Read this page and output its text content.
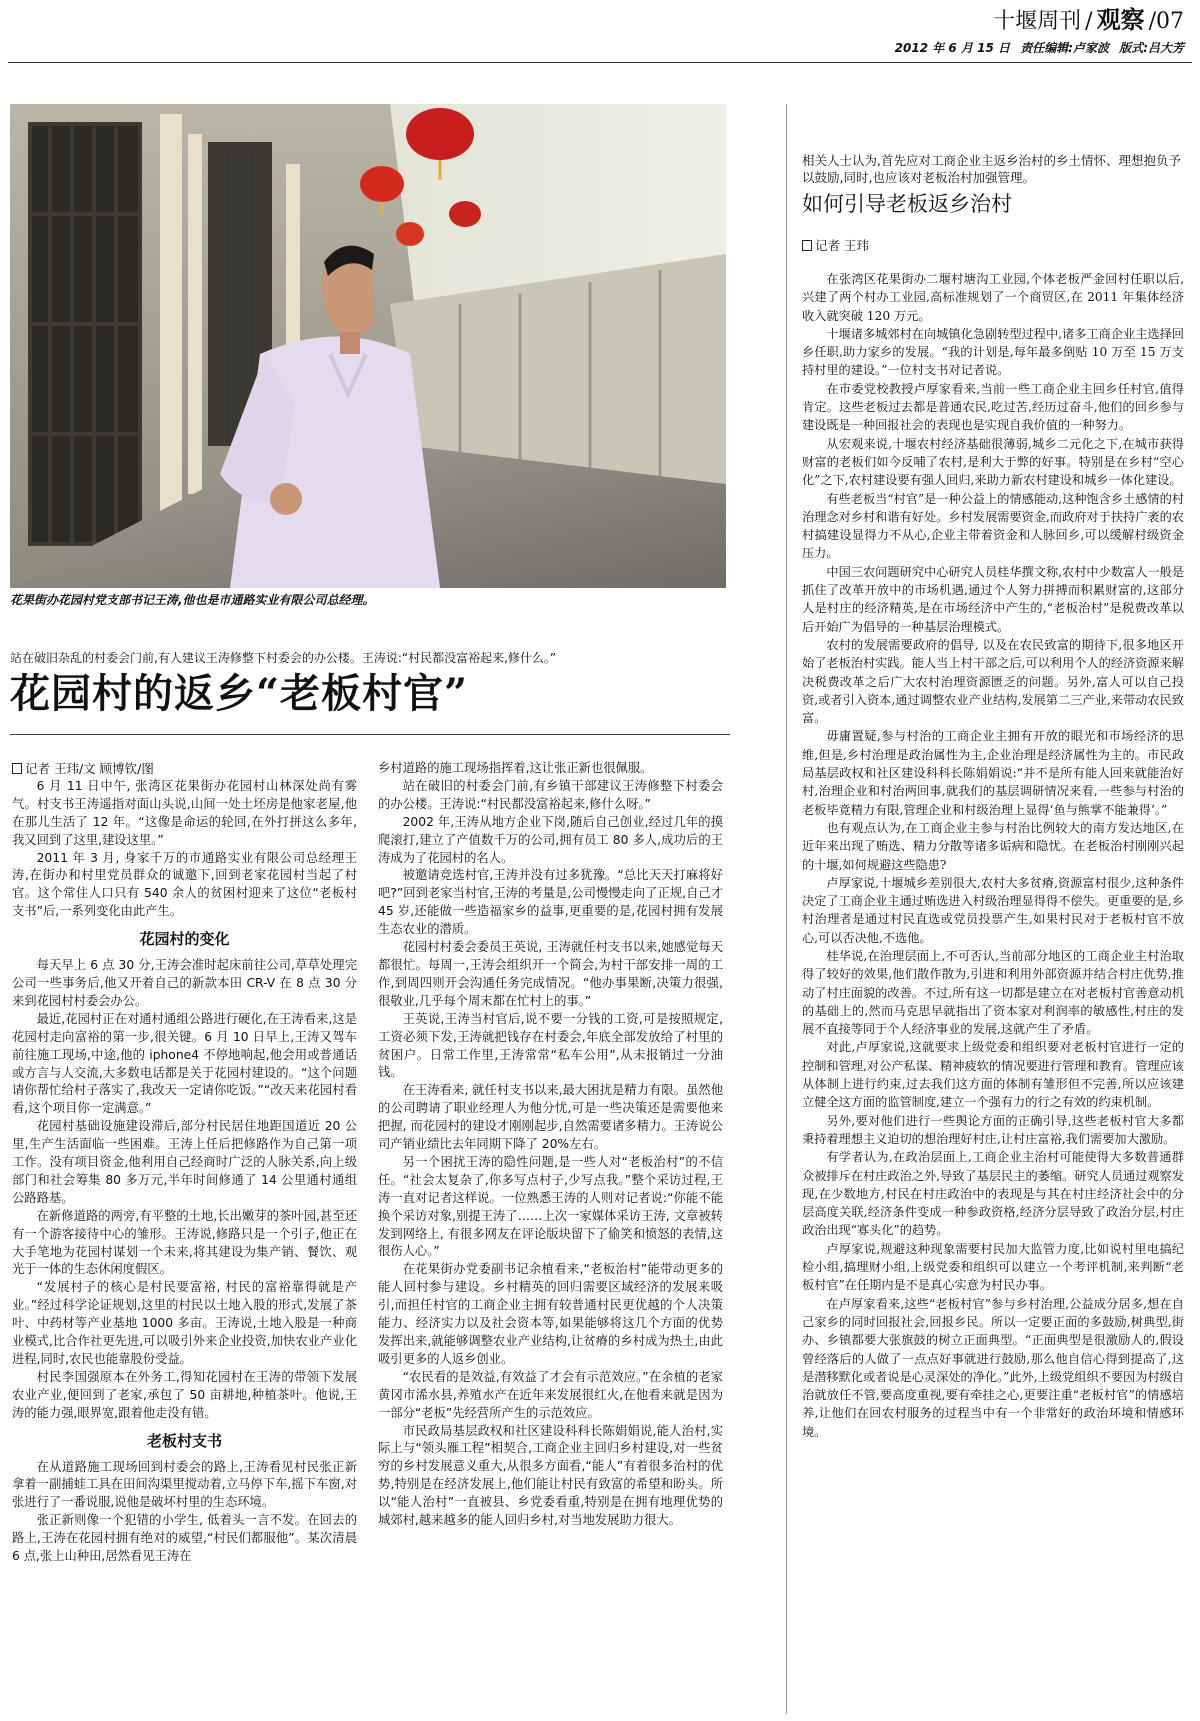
十堰周刊 / 观察 /07
2012 年 6 月 15 日 责任编辑:卢家波 版式:吕大芳
花果街办花园村党支部书记王涛,他也是市通路实业有限公司总经理。
站在破旧杂乱的村委会门前,有人建议王涛修整下村委会的办公楼。王涛说:“村民都没富裕起来,修什么。”
花园村的返乡“老板村官”

记者 王玮/文 顾博钦/图

6 月 11 日中午, 张湾区花果街办花园村山林深处尚有雾气。村支书王涛遥指对面山头说,山间一处土坯房是他家老屋,他在那儿生活了 12 年。“这像是命运的轮回,在外打拼这么多年,我又回到了这里,建设这里。”

2011 年 3 月, 身家千万的市通路实业有限公司总经理王涛,在街办和村里党员群众的诚邀下,回到老家花园村当起了村官。这个常住人口只有 540 余人的贫困村迎来了这位“老板村支书”后,一系列变化由此产生。

花园村的变化

每天早上 6 点 30 分,王涛会准时起床前往公司,草草处理完公司一些事务后,他又开着自己的新款本田 CR-V 在 8 点 30 分来到花园村村委会办公。

最近,花园村正在对通村通组公路进行硬化,在王涛看来,这是花园村走向富裕的第一步,很关键。6 月 10 日早上,王涛又驾车前往施工现场,中途,他的 iphone4 不停地响起,他会用或普通话或方言与人交流,大多数电话都是关于花园村建设的。“这个问题请你帮忙给村子落实了,我改天一定请你吃饭。”“改天来花园村看看,这个项目你一定满意。”

花园村基础设施建设滞后,部分村民居住地距国道近 20 公里,生产生活面临一些困难。王涛上任后把修路作为自己第一项工作。没有项目资金,他利用自己经商时广泛的人脉关系,向上级部门和社会筹集 80 多万元,半年时间修通了 14 公里通村通组公路路基。

在新修道路的两旁,有平整的土地,长出嫩芽的茶叶园,甚至还有一个游客接待中心的雏形。王涛说,修路只是一个引子,他正在大手笔地为花园村谋划一个未来,将其建设为集产销、餐饮、观光于一体的生态休闲度假区。

“发展村子的核心是村民要富裕, 村民的富裕靠得就是产业。”经过科学论证规划,这里的村民以土地入股的形式,发展了茶叶、中药材等产业基地 1000 多亩。王涛说,土地入股是一种商业模式,比合作社更先进,可以吸引外来企业投资,加快农业产业化进程,同时,农民也能靠股份受益。

村民李国强原本在外务工,得知花园村在王涛的带领下发展农业产业,便回到了老家,承包了 50 亩耕地,种植茶叶。他说,王涛的能力强,眼界宽,跟着他走没有错。

老板村支书

在从道路施工现场回到村委会的路上,王涛看见村民张正新拿着一副捕蛙工具在田间沟渠里搅动着,立马停下车,摇下车窗,对张进行了一番说服,说他是破坏村里的生态环境。

张正新则像一个犯错的小学生, 低着头一言不发。在回去的路上,王涛在花园村拥有绝对的威望,“村民们都服他”。某次清晨 6 点,张上山种田,居然看见王涛在

乡村道路的施工现场指挥着,这让张正新也很佩服。

站在破旧的村委会门前,有乡镇干部建议王涛修整下村委会的办公楼。王涛说:“村民都没富裕起来,修什么呀。”

2002 年,王涛从地方企业下岗,随后自己创业,经过几年的摸爬滚打,建立了产值数千万的公司,拥有员工 80 多人,成功后的王涛成为了花园村的名人。

被邀请竞选村官,王涛并没有过多犹豫。“总比天天打麻将好吧?”回到老家当村官,王涛的考量是,公司慢慢走向了正规,自己才 45 岁,还能做一些造福家乡的益事,更重要的是,花园村拥有发展生态农业的潜质。

花园村村委会委员王英说, 王涛就任村支书以来,她感觉每天都很忙。每周一,王涛会组织开一个简会,为村干部安排一周的工作,到周四则开会沟通任务完成情况。“他办事果断,决策力很强,很敬业,几乎每个周末都在忙村上的事。”

王英说,王涛当村官后,说不要一分钱的工资,可是按照规定,工资必须下发,王涛就把钱存在村委会,年底全部发放给了村里的贫困户。日常工作里,王涛常常“私车公用”,从未报销过一分油钱。

在王涛看来, 就任村支书以来,最大困扰是精力有限。虽然他的公司聘请了职业经理人为他分忧,可是一些决策还是需要他来把握, 而花园村的建设才刚刚起步,自然需要诸多精力。王涛说公司产销业绩比去年同期下降了 20%左右。

另一个困扰王涛的隐性问题,是一些人对“老板治村”的不信任。“社会太复杂了,你多写点村子,少写点我。”整个采访过程,王涛一直对记者这样说。一位熟悉王涛的人则对记者说:“你能不能换个采访对象,别提王涛了……上次一家媒体采访王涛, 文章被转发到网络上, 有很多网友在评论版块留下了偷笑和愤怒的表情,这很伤人心。”

在花果街办党委副书记余植看来,“老板治村”能带动更多的能人回村参与建设。乡村精英的回归需要区域经济的发展来吸引,而担任村官的工商企业主拥有较普通村民更优越的个人决策能力、经济实力以及社会资本等,如果能够将这几个方面的优势发挥出来,就能够调整农业产业结构,让贫瘠的乡村成为热土,由此吸引更多的人返乡创业。

“农民看的是效益,有效益了才会有示范效应。”在余植的老家黄冈市浠水县,养殖水产在近年来发展很红火,在他看来就是因为一部分“老板”先经营所产生的示范效应。

市民政局基层政权和社区建设科科长陈娟娟说,能人治村,实际上与“领头雁工程”相契合,工商企业主回归乡村建设,对一些贫穷的乡村发展意义重大,从很多方面看,“能人”有着很多治村的优势,特别是在经济发展上,他们能让村民有致富的希望和盼头。所以“能人治村”一直被县、乡党委看重,特别是在拥有地理优势的城郊村,越来越多的能人回归乡村,对当地发展助力很大。

相关人士认为,首先应对工商企业主返乡治村的乡土情怀、理想抱负予以鼓励,同时,也应该对老板治村加强管理。
如何引导老板返乡治村
记者 王玮

在张湾区花果街办二堰村塘沟工业园,个体老板严金回村任职以后,兴建了两个村办工业园,高标准规划了一个商贸区,在 2011 年集体经济收入就突破 120 万元。

十堰诸多城郊村在向城镇化急剧转型过程中,诸多工商企业主选择回乡任职,助力家乡的发展。“我的计划是,每年最多倒贴 10 万至 15 万支持村里的建设。”一位村支书对记者说。

在市委党校教授卢厚家看来,当前一些工商企业主回乡任村官,值得肯定。这些老板过去都是普通农民,吃过苦,经历过奋斗,他们的回乡参与建设既是一种回报社会的表现也是实现自我价值的一种努力。

从宏观来说,十堰农村经济基础很薄弱,城乡二元化之下,在城市获得财富的老板们如今反哺了农村,是利大于弊的好事。特别是在乡村“空心化”之下,农村建设要有强人回归,来助力新农村建设和城乡一体化建设。

有些老板当“村官”是一种公益上的情感能动,这种饱含乡土感情的村治理念对乡村和谐有好处。乡村发展需要资金,而政府对于扶持广袤的农村搞建设显得力不从心,企业主带着资金和人脉回乡,可以缓解村级资金压力。

中国三农问题研究中心研究人员桂华撰文称,农村中少数富人一般是抓住了改革开放中的市场机遇,通过个人努力拼搏而积累财富的,这部分人是村庄的经济精英,是在市场经济中产生的,“老板治村”是税费改革以后开始广为倡导的一种基层治理模式。

农村的发展需要政府的倡导, 以及在农民致富的期待下,很多地区开始了老板治村实践。能人当上村干部之后,可以利用个人的经济资源来解决税费改革之后广大农村治理资源匮乏的问题。另外,富人可以自己投资,或者引入资本,通过调整农业产业结构,发展第二三产业,来带动农民致富。

毋庸置疑,参与村治的工商企业主拥有开放的眼光和市场经济的思维,但是,乡村治理是政治属性为主,企业治理是经济属性为主的。市民政局基层政权和社区建设科科长陈娟娟说:“并不是所有能人回来就能治好村,治理企业和村治两回事,就我们的基层调研情况来看,一些参与村治的老板毕竟精力有限,管理企业和村级治理上显得‘鱼与熊掌不能兼得’。”

也有观点认为,在工商企业主参与村治比例较大的南方发达地区,在近年来出现了贿选、精力分散等诸多诟病和隐忧。在老板治村刚刚兴起的十堰,如何规避这些隐患?

卢厚家说,十堰城乡差别很大,农村大多贫瘠,资源富村很少,这种条件决定了工商企业主通过贿选进入村级治理显得得不偿失。更重要的是,乡村治理者是通过村民直选或党员投票产生,如果村民对于老板村官不放心,可以否决他,不选他。

桂华说,在治理层面上,不可否认,当前部分地区的工商企业主村治取得了较好的效果,他们散作散为,引进和利用外部资源并结合村庄优势,推动了村庄面貌的改善。不过,所有这一切都是建立在对老板村官善意动机的基础上的,然而马克思早就指出了资本家对利润率的敏感性,村庄的发展不直接等同于个人经济事业的发展,这就产生了矛盾。

对此,卢厚家说,这就要求上级党委和组织要对老板村官进行一定的控制和管理,对公产私谋、精神疲软的情况要进行管理和教育。管理应该从体制上进行约束,过去我们这方面的体制有雏形但不完善,所以应该建立健全这方面的监管制度,建立一个强有力的行之有效的约束机制。

另外,要对他们进行一些舆论方面的正确引导,这些老板村官大多都秉持着理想主义迫切的想治理好村庄,让村庄富裕,我们需要加大激励。

有学者认为,在政治层面上,工商企业主治村可能使得大多数普通群众被排斥在村庄政治之外,导致了基层民主的萎缩。研究人员通过观察发现,在少数地方,村民在村庄政治中的表现是与其在村庄经济社会中的分层高度关联,经济条件变成一种参政资格,经济分层导致了政治分层,村庄政治出现“寡头化”的趋势。

卢厚家说,规避这种现象需要村民加大监管力度,比如说村里电搞纪检小组,搞理财小组,上级党委和组织可以建立一个考评机制,来判断“老板村官”在任期内是不是真心实意为村民办事。

在卢厚家看来,这些“老板村官”参与乡村治理,公益成分居多,想在自己家乡的同时回报社会,回报乡民。所以一定要正面的多鼓励,树典型,街办、乡镇都要大张旗鼓的树立正面典型。“正面典型是很激励人的,假设曾经落后的人做了一点点好事就进行鼓励,那么他自信心得到提高了,这是潜移默化或者说是心灵深处的净化。”此外,上级党组织不要因为村级自治就放任不管,要高度重视,要有牵挂之心,更要注重“老板村官”的情感培养,让他们在回农村服务的过程当中有一个非常好的政治环境和情感环境。
